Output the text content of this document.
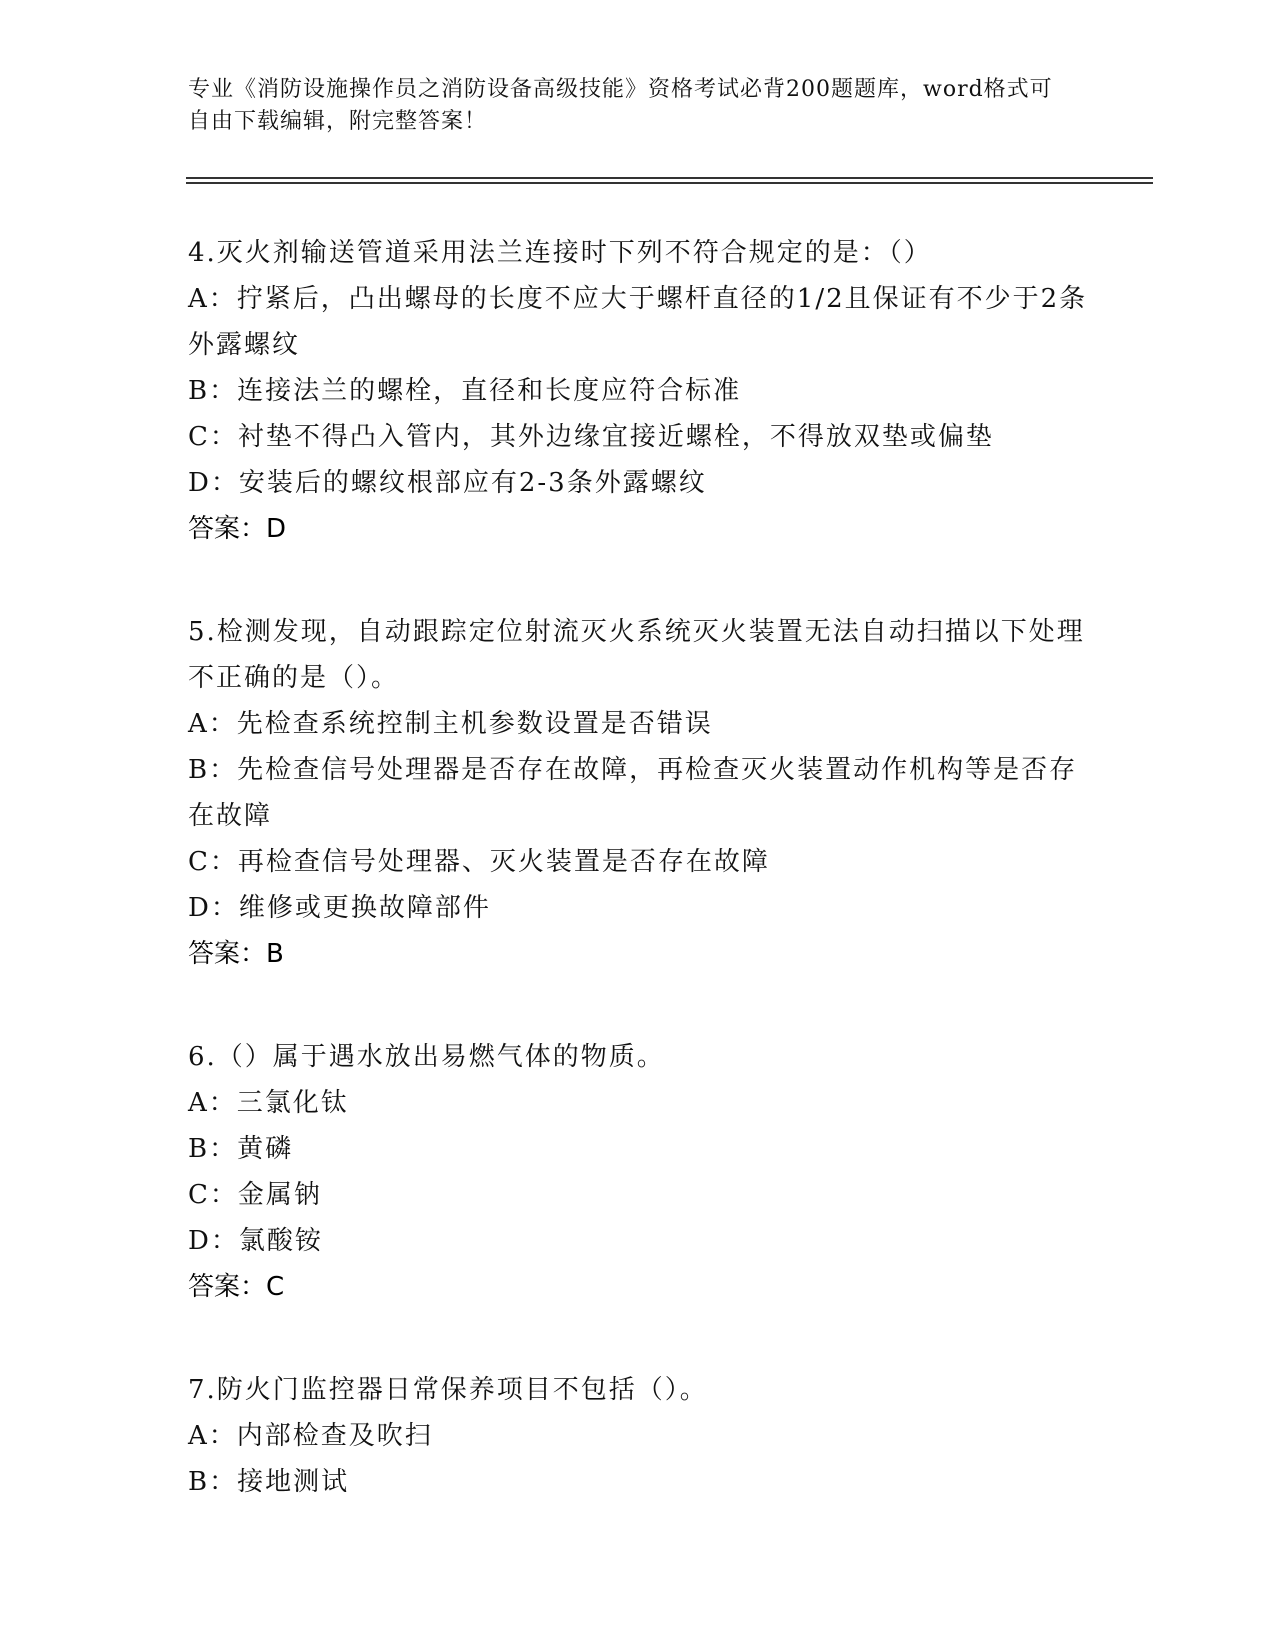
专业《消防设施操作员之消防设备高级技能》资格考试必背200题题库，word格式可自由下载编辑，附完整答案！
4.灭火剂输送管道采用法兰连接时下列不符合规定的是：（）
A：拧紧后，凸出螺母的长度不应大于螺杆直径的1/2且保证有不少于2条外露螺纹
B：连接法兰的螺栓，直径和长度应符合标准
C：衬垫不得凸入管内，其外边缘宜接近螺栓，不得放双垫或偏垫
D：安装后的螺纹根部应有2-3条外露螺纹
答案：D
5.检测发现，自动跟踪定位射流灭火系统灭火装置无法自动扫描以下处理不正确的是（）。
A：先检查系统控制主机参数设置是否错误
B：先检查信号处理器是否存在故障，再检查灭火装置动作机构等是否存在故障
C：再检查信号处理器、灭火装置是否存在故障
D：维修或更换故障部件
答案：B
6.（）属于遇水放出易燃气体的物质。
A：三氯化钛
B：黄磷
C：金属钠
D：氯酸铵
答案：C
7.防火门监控器日常保养项目不包括（）。
A：内部检查及吹扫
B：接地测试
